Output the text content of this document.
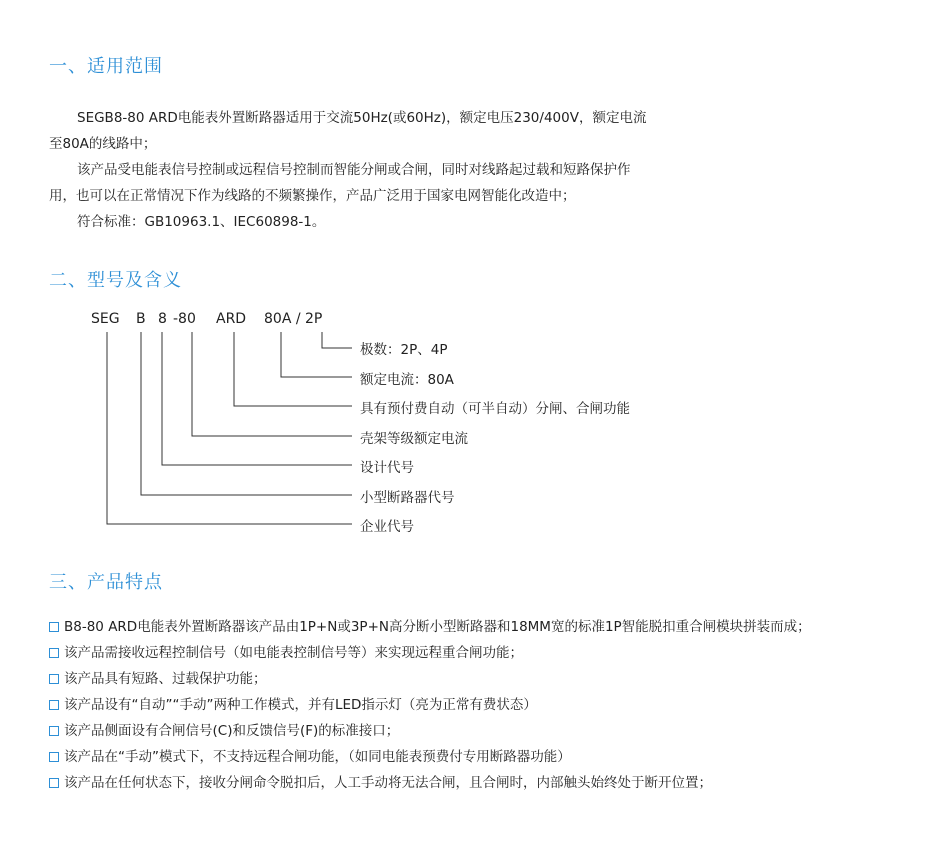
一、适用范围

SEGB8-80 ARD电能表外置断路器适用于交流50Hz(或60Hz)，额定电压230/400V，额定电流

至80A的线路中；

该产品受电能表信号控制或远程信号控制而智能分闸或合闸，同时对线路起过载和短路保护作

用，也可以在正常情况下作为线路的不频繁操作，产品广泛用于国家电网智能化改造中；

符合标准：GB10963.1、IEC60898-1。

二、型号及含义
SEG B 8 -80 ARD 80A / 2P
极数：2P、4P
额定电流：80A
具有预付费自动（可半自动）分闸、合闸功能
壳架等级额定电流
设计代号
小型断路器代号
企业代号
三、产品特点
B8-80 ARD电能表外置断路器该产品由1P+N或3P+N高分断小型断路器和18MM宽的标准1P智能脱扣重合闸模块拼装而成；
该产品需接收远程控制信号（如电能表控制信号等）来实现远程重合闸功能；
该产品具有短路、过载保护功能；
该产品设有“自动”“手动”两种工作模式，并有LED指示灯（亮为正常有费状态）
该产品侧面设有合闸信号(C)和反馈信号(F)的标准接口；
该产品在“手动”模式下，不支持远程合闸功能，（如同电能表预费付专用断路器功能）
该产品在任何状态下，接收分闸命令脱扣后，人工手动将无法合闸，且合闸时，内部触头始终处于断开位置；
